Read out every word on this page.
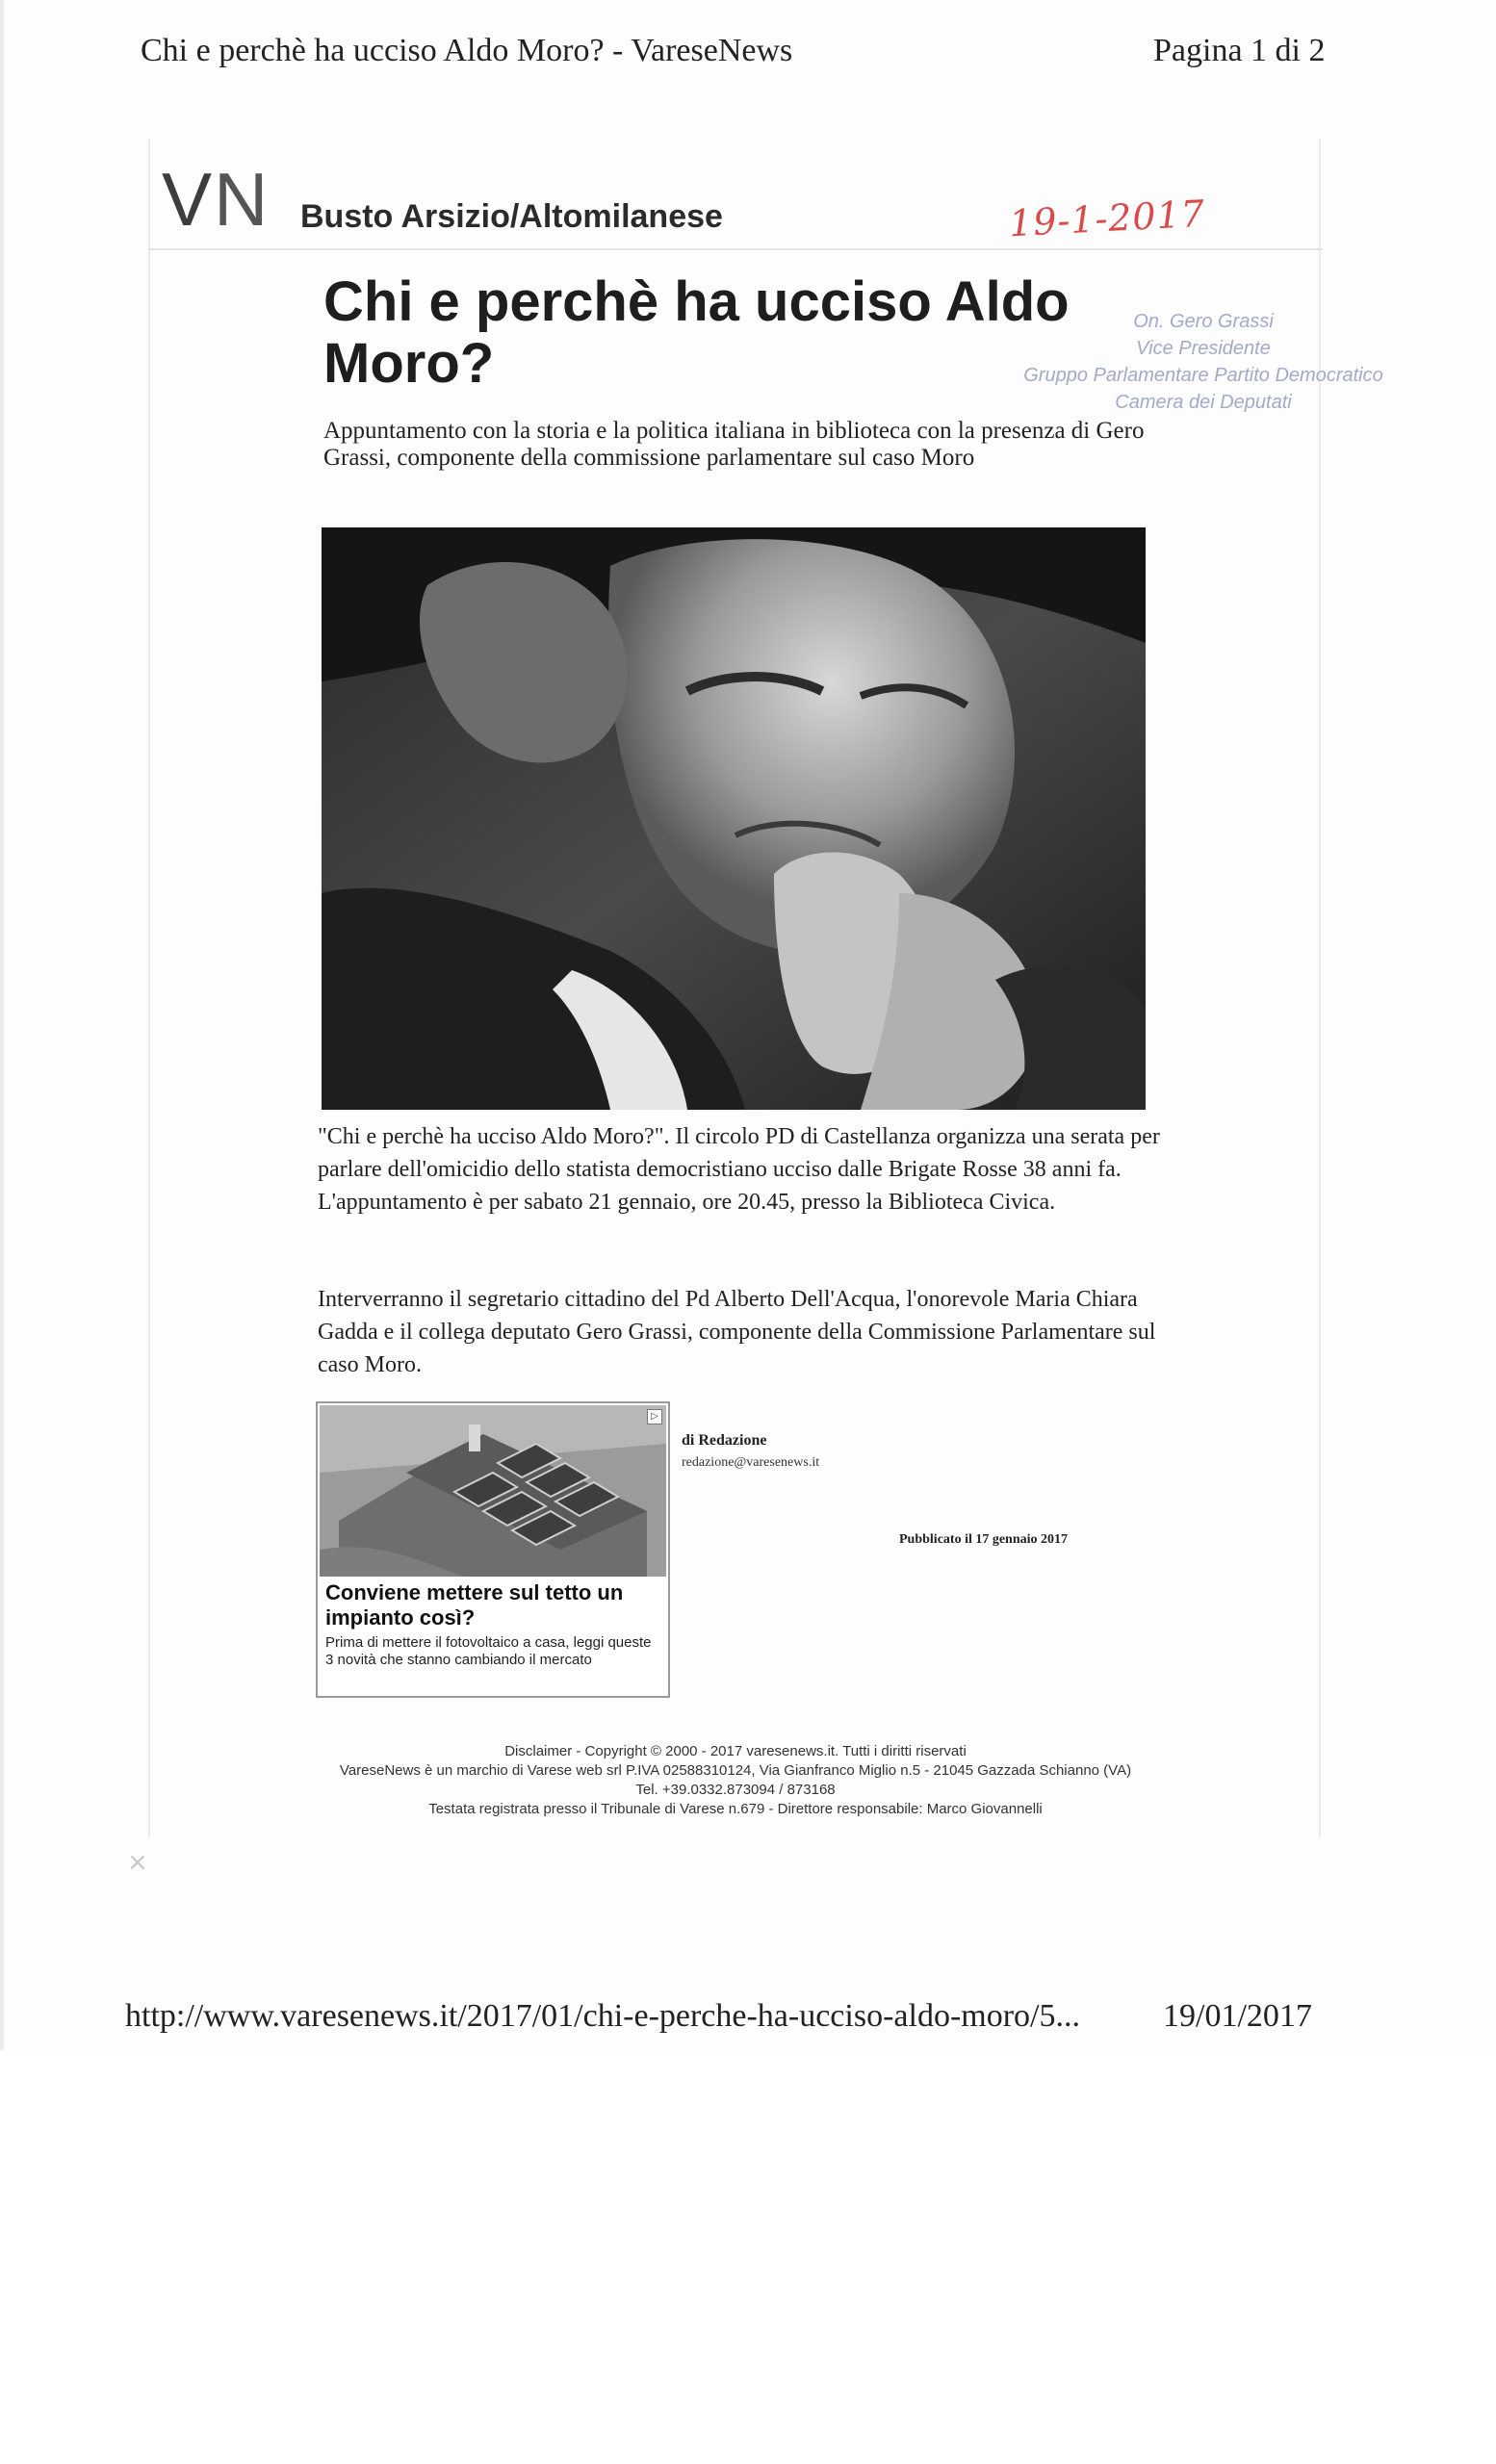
Chi e perchè ha ucciso Aldo Moro? - VareseNews	Pagina 1 di 2
VN Busto Arsizio/Altomilanese	19-1-2017
On. Gero Grassi
Vice Presidente
Gruppo Parlamentare Partito Democratico
Camera dei Deputati
Chi e perchè ha ucciso Aldo Moro?
Appuntamento con la storia e la politica italiana in biblioteca con la presenza di Gero Grassi, componente della commissione parlamentare sul caso Moro
"Chi e perchè ha ucciso Aldo Moro?". Il circolo PD di Castellanza organizza una serata per parlare dell'omicidio dello statista democristiano ucciso dalle Brigate Rosse 38 anni fa. L'appuntamento è per sabato 21 gennaio, ore 20.45, presso la Biblioteca Civica.
Interverranno il segretario cittadino del Pd Alberto Dell'Acqua, l'onorevole Maria Chiara Gadda e il collega deputato Gero Grassi, componente della Commissione Parlamentare sul caso Moro.
▷
Conviene mettere sul tetto un impianto così?
Prima di mettere il fotovoltaico a casa, leggi queste 3 novità che stanno cambiando il mercato
di Redazione
redazione@varesenews.it
Pubblicato il 17 gennaio 2017
Disclaimer - Copyright © 2000 - 2017 varesenews.it. Tutti i diritti riservati
VareseNews è un marchio di Varese web srl P.IVA 02588310124, Via Gianfranco Miglio n.5 - 21045 Gazzada Schianno (VA)
Tel. +39.0332.873094 / 873168
Testata registrata presso il Tribunale di Varese n.679 - Direttore responsabile: Marco Giovannelli
×
http://www.varesenews.it/2017/01/chi-e-perche-ha-ucciso-aldo-moro/5...	19/01/2017
